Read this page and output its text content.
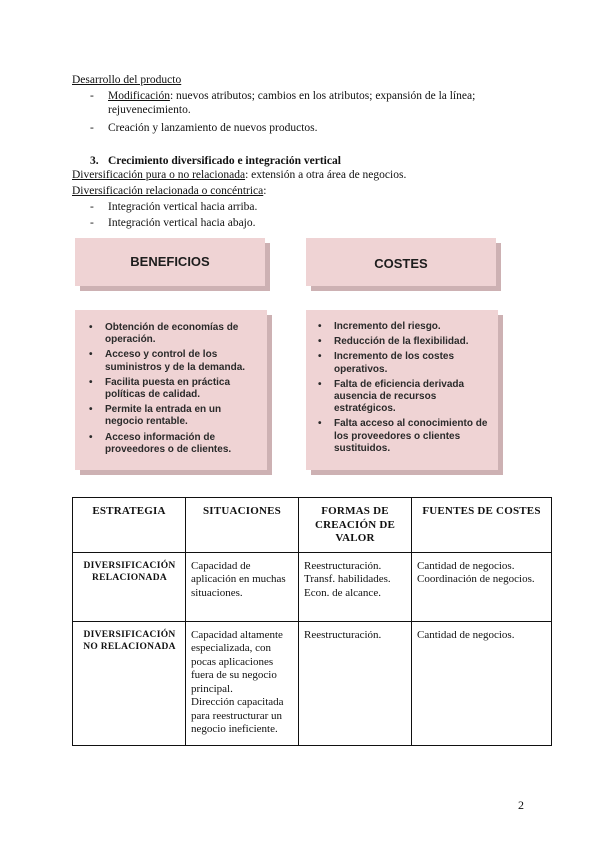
Desarrollo del producto
- Modificación: nuevos atributos; cambios en los atributos; expansión de la línea;
rejuvenecimiento.
- Creación y lanzamiento de nuevos productos.
3. Crecimiento diversificado e integración vertical
Diversificación pura o no relacionada: extensión a otra área de negocios.
Diversificación relacionada o concéntrica:
- Integración vertical hacia arriba.
- Integración vertical hacia abajo.
BENEFICIOS	COSTES
• Obtención de economías de operación.
• Acceso y control de los suministros y de la demanda.
• Facilita puesta en práctica políticas de calidad.
• Permite la entrada en un negocio rentable.
• Acceso información de proveedores o de clientes.
• Incremento del riesgo.
• Reducción de la flexibilidad.
• Incremento de los costes operativos.
• Falta de eficiencia derivada ausencia de recursos estratégicos.
• Falta acceso al conocimiento de los proveedores o clientes sustituidos.
ESTRATEGIA	SITUACIONES	FORMAS DE CREACIÓN DE VALOR	FUENTES DE COSTES
DIVERSIFICACIÓN RELACIONADA	Capacidad de aplicación en muchas situaciones.	Reestructuración.
Transf. habilidades.
Econ. de alcance.	Cantidad de negocios.
Coordinación de negocios.
DIVERSIFICACIÓN NO RELACIONADA	Capacidad altamente especializada, con pocas aplicaciones fuera de su negocio principal.
Dirección capacitada para reestructurar un negocio ineficiente.	Reestructuración.	Cantidad de negocios.
2
